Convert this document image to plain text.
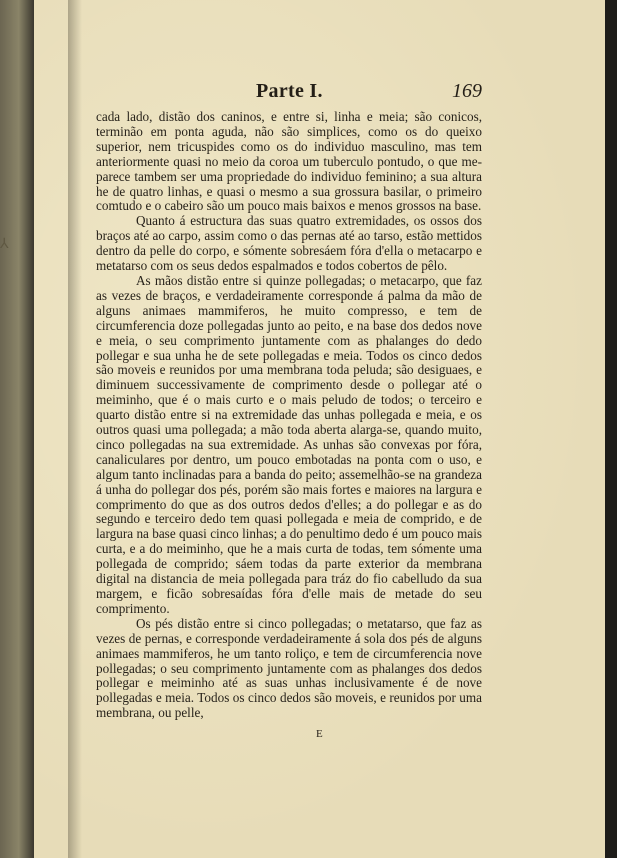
⅄
Parte I.	169

cada lado, distão dos caninos, e entre si, linha e meia; são conicos, terminão em ponta aguda, não são simplices, como os do queixo superior, nem tricuspides como os do individuo masculino, mas tem anteriormente quasi no meio da coroa um tuberculo pontudo, o que me-parece tambem ser uma propriedade do individuo feminino; a sua altura he de quatro linhas, e quasi o mesmo a sua grossura basilar, o primeiro comtudo e o cabeiro são um pouco mais baixos e menos grossos na base.

Quanto á estructura das suas quatro extremidades, os ossos dos braços até ao carpo, assim como o das pernas até ao tarso, estão mettidos dentro da pelle do corpo, e sómente sobresáem fóra d'ella o metacarpo e metatarso com os seus dedos espalmados e todos cobertos de pêlo.

As mãos distão entre si quinze pollegadas; o metacarpo, que faz as vezes de braços, e verdadeiramente corresponde á palma da mão de alguns animaes mammiferos, he muito compresso, e tem de circumferencia doze pollegadas junto ao peito, e na base dos dedos nove e meia, o seu comprimento juntamente com as phalanges do dedo pollegar e sua unha he de sete pollegadas e meia. Todos os cinco dedos são moveis e reunidos por uma membrana toda peluda; são desiguaes, e diminuem successivamente de comprimento desde o pollegar até o meiminho, que é o mais curto e o mais peludo de todos; o terceiro e quarto distão entre si na extremidade das unhas pollegada e meia, e os outros quasi uma pollegada; a mão toda aberta alarga-se, quando muito, cinco pollegadas na sua extremidade. As unhas são convexas por fóra, canaliculares por dentro, um pouco embotadas na ponta com o uso, e algum tanto inclinadas para a banda do peito; assemelhão-se na grandeza á unha do pollegar dos pés, porém são mais fortes e maiores na largura e comprimento do que as dos outros dedos d'elles; a do pollegar e as do segundo e terceiro dedo tem quasi pollegada e meia de comprido, e de largura na base quasi cinco linhas; a do penultimo dedo é um pouco mais curta, e a do meiminho, que he a mais curta de todas, tem sómente uma pollegada de comprido; sáem todas da parte exterior da membrana digital na distancia de meia pollegada para tráz do fio cabelludo da sua margem, e ficão sobresaídas fóra d'elle mais de metade do seu comprimento.

Os pés distão entre si cinco pollegadas; o metatarso, que faz as vezes de pernas, e corresponde verdadeiramente á sola dos pés de alguns animaes mammiferos, he um tanto roliço, e tem de circumferencia nove pollegadas; o seu comprimento juntamente com as phalanges dos dedos pollegar e meiminho até as suas unhas inclusivamente é de nove pollegadas e meia. Todos os cinco dedos são moveis, e reunidos por uma membrana, ou pelle,

E
